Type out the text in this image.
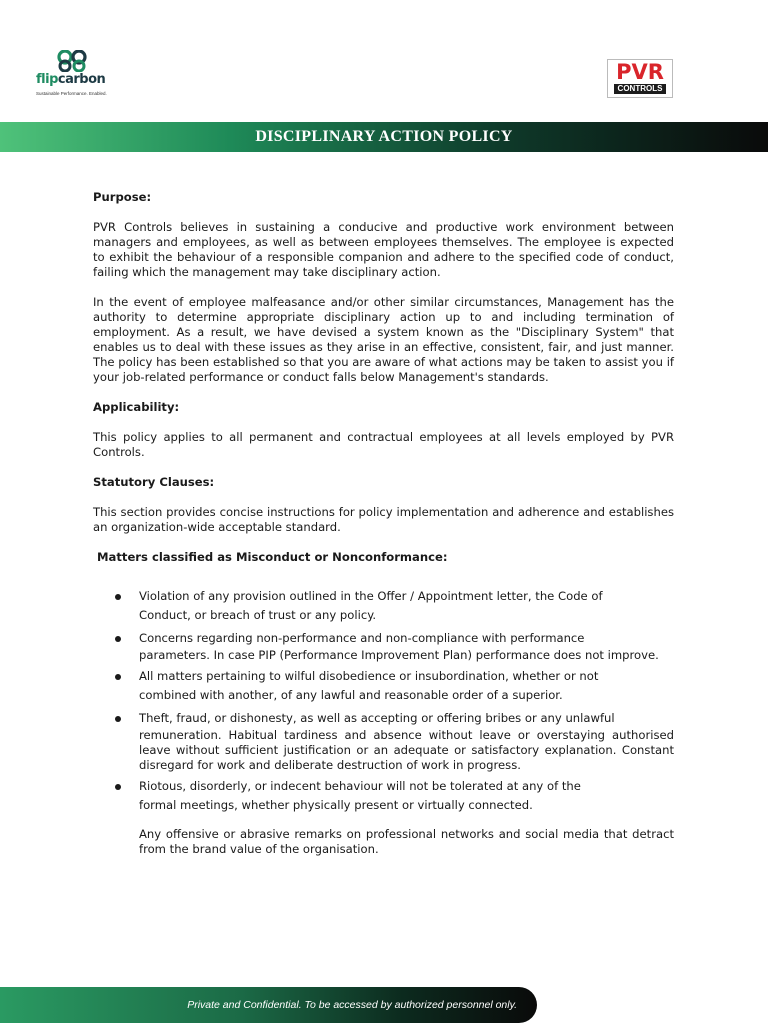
flipcarbon
Sustainable Performance. Enabled.
PVR
CONTROLS
DISCIPLINARY ACTION POLICY

Purpose:

PVR Controls believes in sustaining a conducive and productive work environment between managers and employees, as well as between employees themselves. The employee is expected to exhibit the behaviour of a responsible companion and adhere to the specified code of conduct, failing which the management may take disciplinary action.

In the event of employee malfeasance and/or other similar circumstances, Management has the authority to determine appropriate disciplinary action up to and including termination of employment. As a result, we have devised a system known as the "Disciplinary System" that enables us to deal with these issues as they arise in an effective, consistent, fair, and just manner. The policy has been established so that you are aware of what actions may be taken to assist you if your job-related performance or conduct falls below Management's standards.

Applicability:

This policy applies to all permanent and contractual employees at all levels employed by PVR Controls.

Statutory Clauses:

This section provides concise instructions for policy implementation and adherence and establishes an organization-wide acceptable standard.

Matters classified as Misconduct or Nonconformance:

Violation of any provision outlined in the Offer / Appointment letter, the Code of
Conduct, or breach of trust or any policy.
Concerns regarding non-performance and non-compliance with performance
parameters. In case PIP (Performance Improvement Plan) performance does not improve.
All matters pertaining to wilful disobedience or insubordination, whether or not
combined with another, of any lawful and reasonable order of a superior.
Theft, fraud, or dishonesty, as well as accepting or offering bribes or any unlawful
remuneration. Habitual tardiness and absence without leave or overstaying authorised leave without sufficient justification or an adequate or satisfactory explanation. Constant disregard for work and deliberate destruction of work in progress.
Riotous, disorderly, or indecent behaviour will not be tolerated at any of the
formal meetings, whether physically present or virtually connected.
Any offensive or abrasive remarks on professional networks and social media that detract from the brand value of the organisation.
Private and Confidential. To be accessed by authorized personnel only.
